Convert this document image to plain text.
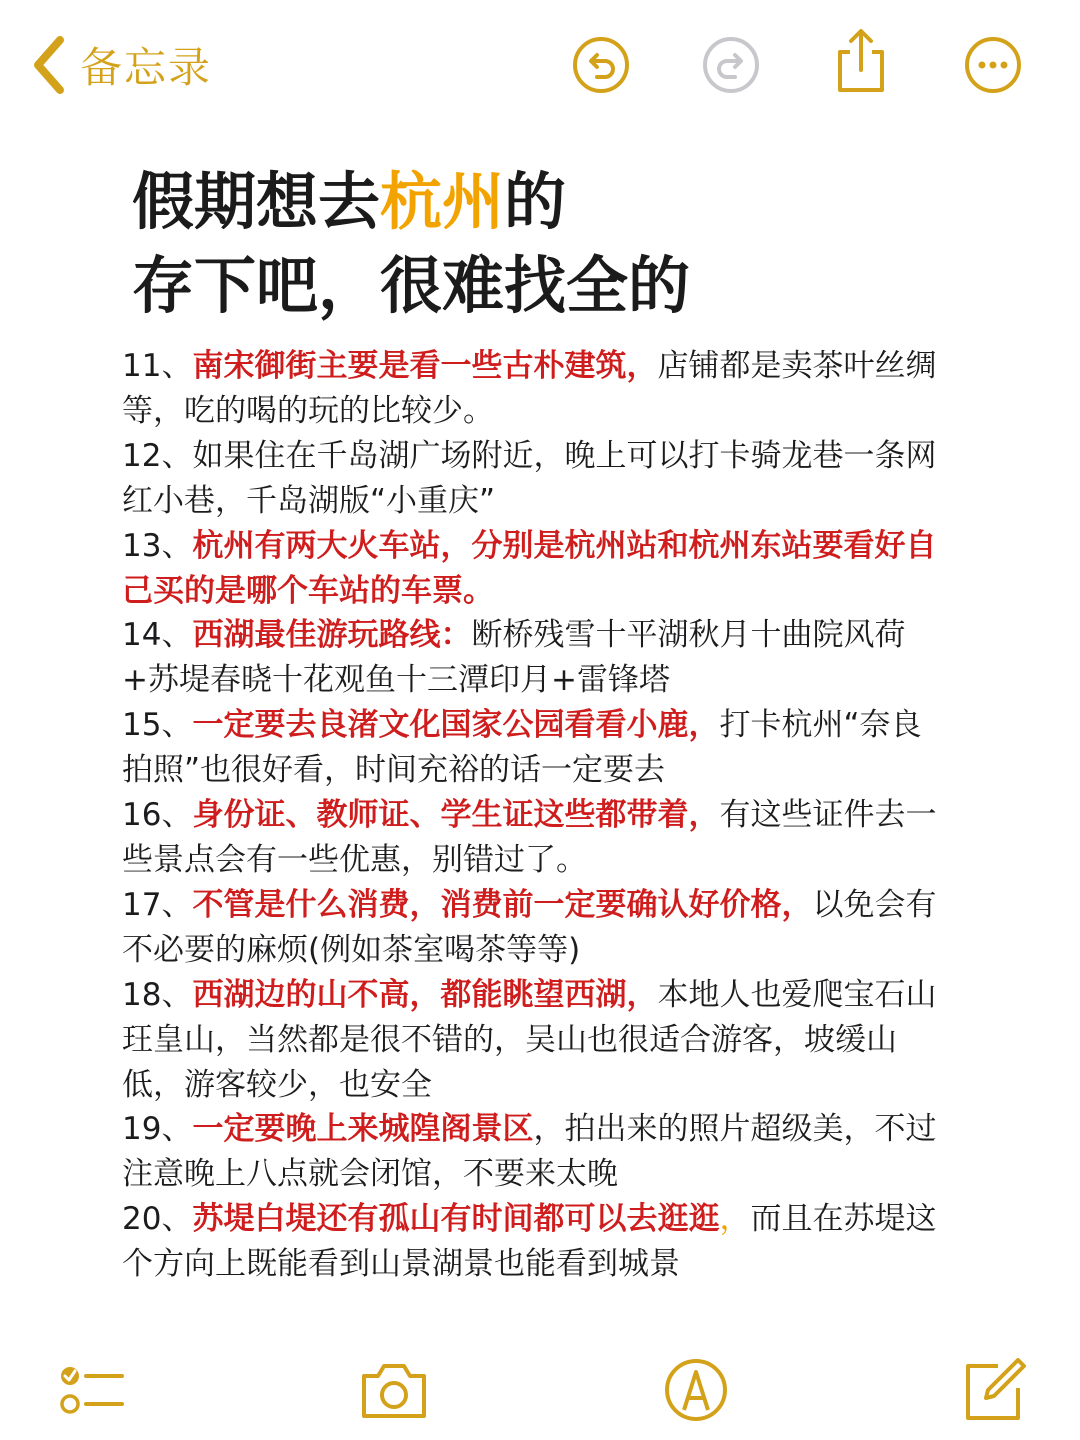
备忘录
假期想去杭州的
存下吧，很难找全的

11、南宋御街主要是看一些古朴建筑，店铺都是卖茶叶丝绸等，吃的喝的玩的比较少。

12、如果住在千岛湖广场附近，晚上可以打卡骑龙巷一条网红小巷，千岛湖版“小重庆”

13、杭州有两大火车站，分别是杭州站和杭州东站要看好自己买的是哪个车站的车票。

14、西湖最佳游玩路线：断桥残雪十平湖秋月十曲院风荷+苏堤春晓十花观鱼十三潭印月+雷锋塔

15、一定要去良渚文化国家公园看看小鹿，打卡杭州“奈良拍照”也很好看，时间充裕的话一定要去

16、身份证、教师证、学生证这些都带着，有这些证件去一些景点会有一些优惠，别错过了。

17、不管是什么消费，消费前一定要确认好价格，以免会有不必要的麻烦(例如茶室喝茶等等)

18、西湖边的山不高，都能眺望西湖，本地人也爱爬宝石山玨皇山，当然都是很不错的，吴山也很适合游客，坡缓山低，游客较少，也安全

19、一定要晚上来城隍阁景区，拍出来的照片超级美，不过注意晚上八点就会闭馆，不要来太晚

20、苏堤白堤还有孤山有时间都可以去逛逛，而且在苏堤这个方向上既能看到山景湖景也能看到城景
